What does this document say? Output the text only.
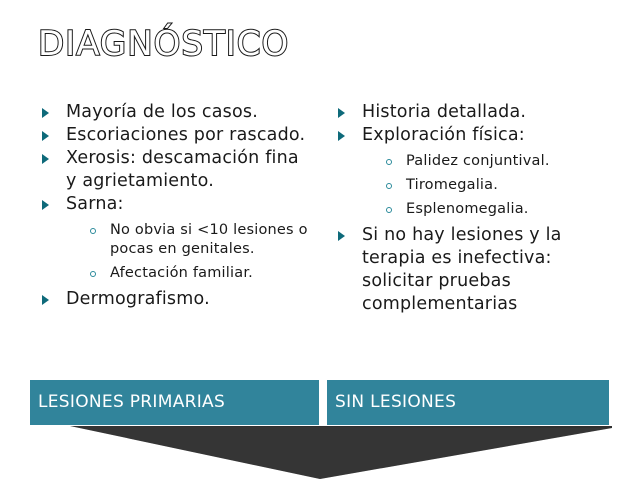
DIAGNÓSTICO
Mayoría de los casos.
Escoriaciones por rascado.
Xerosis: descamación fina y agrietamiento.
Sarna:
No obvia si <10 lesiones o pocas en genitales.
Afectación familiar.
Dermografismo.
Historia detallada.
Exploración física:
Palidez conjuntival.
Tiromegalia.
Esplenomegalia.
Si no hay lesiones y la terapia es inefectiva: solicitar pruebas complementarias
LESIONES PRIMARIAS	SIN LESIONES
